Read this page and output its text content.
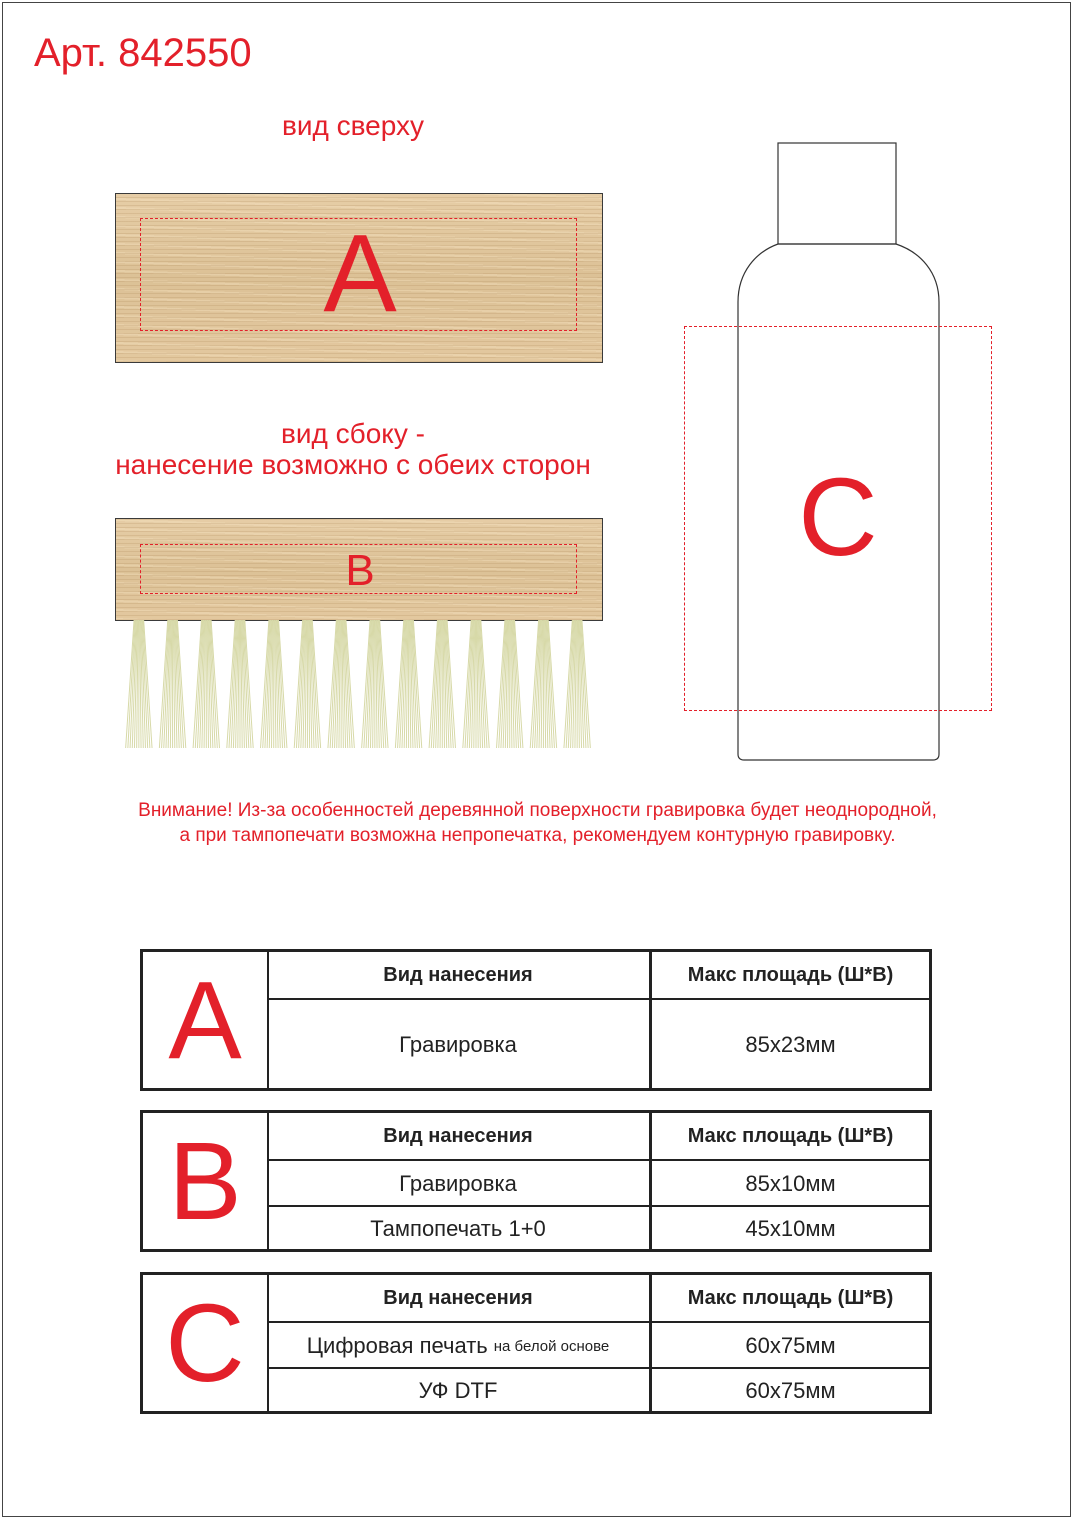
Арт. 842550
вид сверху
A
вид сбоку -
нанесение возможно с обеих сторон
B	C
Внимание! Из-за особенностей деревянной поверхности гравировка будет неоднородной,
а при тампопечати возможна непропечатка, рекомендуем контурную гравировку.
A	Вид нанесения	Макс площадь (Ш*В)
Гравировка	85x23мм
B	Вид нанесения	Макс площадь (Ш*В)
Гравировка	85x10мм
Тампопечать 1+0	45x10мм
C	Вид нанесения	Макс площадь (Ш*В)
Цифровая печать на белой основе	60x75мм
УФ DTF	60x75мм
